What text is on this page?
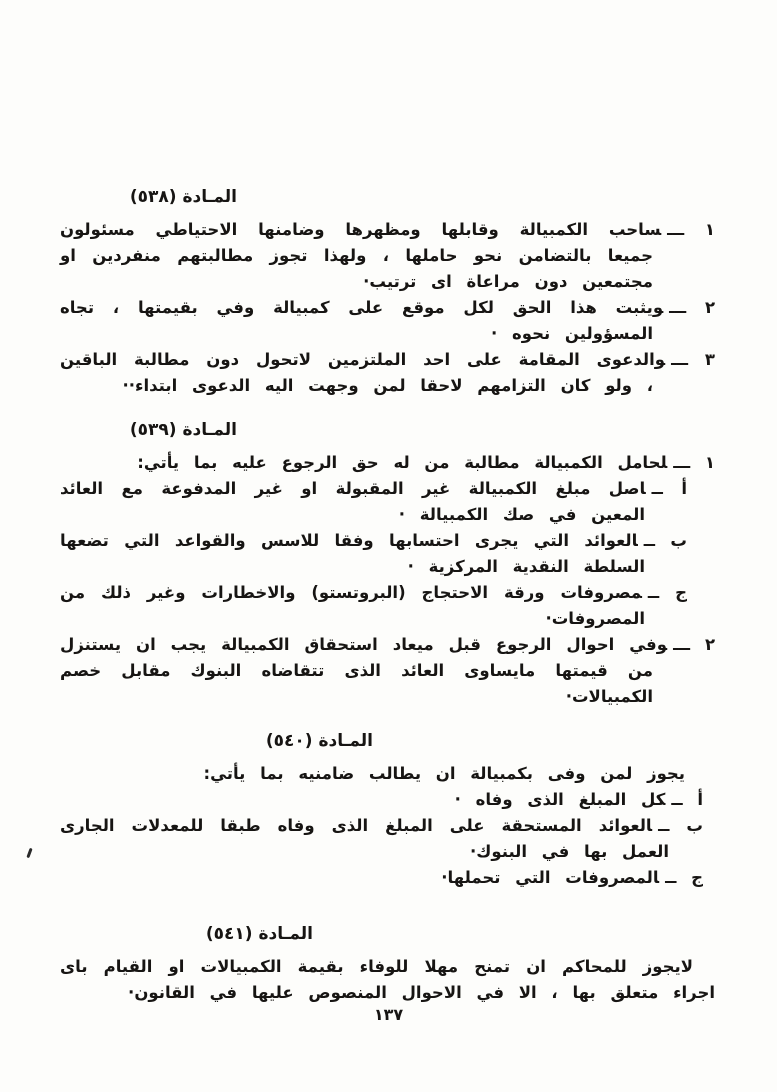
المـادة (٥٣٨)

١ ـــساحب الكمبيالة وقابلها ومظهرها وضامنها الاحتياطي مسئولون جميعا بالتضامن نحو حاملها ، ولهذا تجوز مطالبتهم منفردين او مجتمعين دون مراعاة اى ترتيب·

٢ ـــويثبت هذا الحق لكل موقع على كمبيالة وفي بقيمتها ، تجاه المسؤولين نحوه ·

٣ ـــوالدعوى المقامة على احد الملتزمين لاتحول دون مطالبة الباقين ، ولو كان التزامهم لاحقا لمن وجهت اليه الدعوى ابتداء··

المـادة (٥٣٩)

١ ـــلحامل الكمبيالة مطالبة من له حق الرجوع عليه بما يأتي:

أ ــاصل مبلغ الكمبيالة غير المقبولة او غير المدفوعة مع العائد المعين في صك الكمبيالة ·

ب ــالعوائد التي يجرى احتسابها وفقا للاسس والقواعد التي تضعها السلطة النقدية المركزية ·

ج ــمصروفات ورقة الاحتجاج (البروتستو) والاخطارات وغير ذلك من المصروفات·

٢ ـــوفي احوال الرجوع قبل ميعاد استحقاق الكمبيالة يجب ان يستنزل من قيمتها مايساوى العائد الذى تتقاضاه البنوك مقابل خصم الكمبيالات·

المـادة (٥٤٠)

يجوز لمن وفى بكمبيالة ان يطالب ضامنيه بما يأتي:

أ ــكل المبلغ الذى وفاه ·

ب ــالعوائد المستحقة على المبلغ الذى وفاه طبقا للمعدلات الجارى العمل بها في البنوك·

ج ــالمصروفات التي تحملها·

المـادة (٥٤١)

لايجوز للمحاكم ان تمنح مهلا للوفاء بقيمة الكمبيالات او القيام باى اجراء متعلق بها ، الا في الاحوال المنصوص عليها في القانون·

١٣٧
